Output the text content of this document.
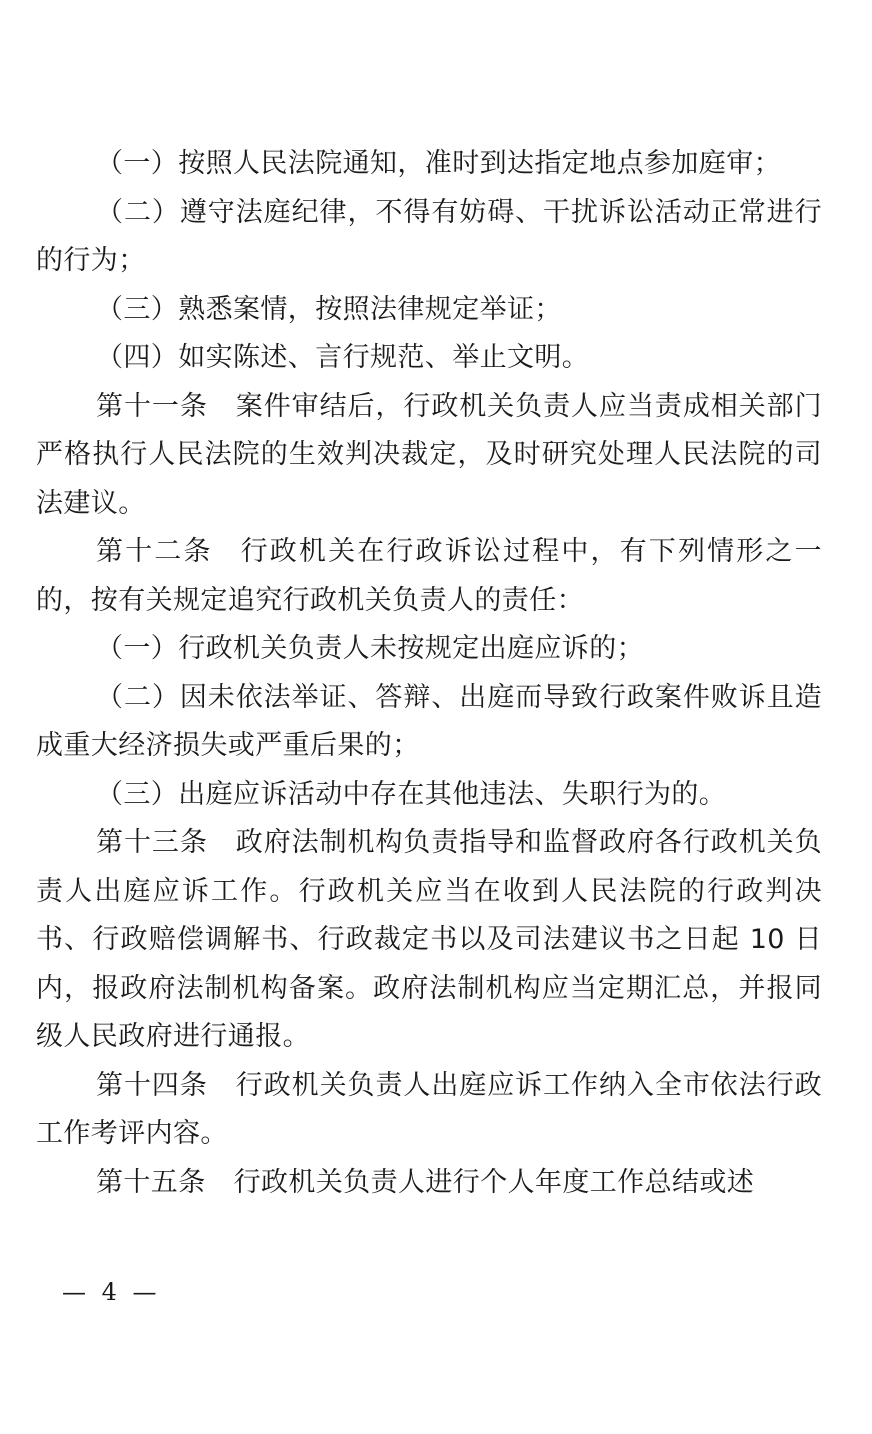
（一）按照人民法院通知，准时到达指定地点参加庭审；

（二）遵守法庭纪律，不得有妨碍、干扰诉讼活动正常进行的行为；

（三）熟悉案情，按照法律规定举证；

（四）如实陈述、言行规范、举止文明。

第十一条 案件审结后，行政机关负责人应当责成相关部门严格执行人民法院的生效判决裁定，及时研究处理人民法院的司法建议。

第十二条 行政机关在行政诉讼过程中，有下列情形之一的，按有关规定追究行政机关负责人的责任：

（一）行政机关负责人未按规定出庭应诉的；

（二）因未依法举证、答辩、出庭而导致行政案件败诉且造成重大经济损失或严重后果的；

（三）出庭应诉活动中存在其他违法、失职行为的。

第十三条 政府法制机构负责指导和监督政府各行政机关负责人出庭应诉工作。行政机关应当在收到人民法院的行政判决书、行政赔偿调解书、行政裁定书以及司法建议书之日起 10 日内，报政府法制机构备案。政府法制机构应当定期汇总，并报同级人民政府进行通报。

第十四条 行政机关负责人出庭应诉工作纳入全市依法行政工作考评内容。

第十五条 行政机关负责人进行个人年度工作总结或述

— 4 —
